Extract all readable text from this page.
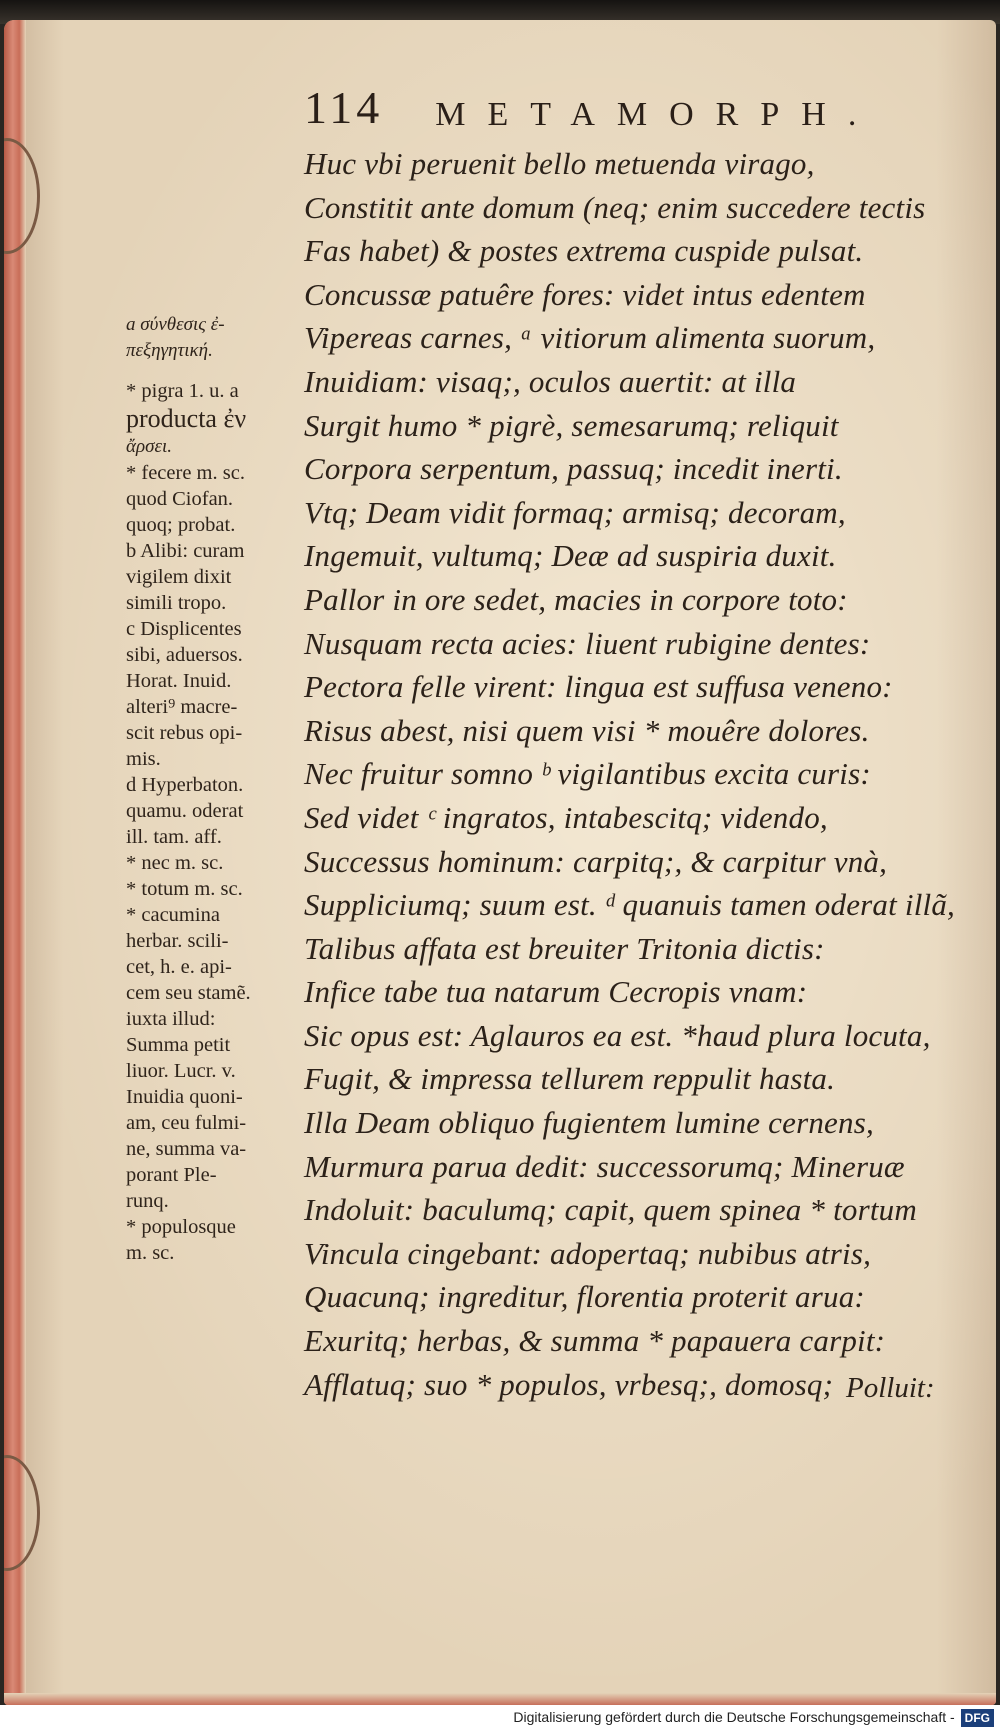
114 METAMORPH.
a σύνθεσις ἐ-
πεξηγητική.
* pigra 1. u. a
producta ἐν
ἄρσει.
* fecere m. sc.
quod Ciofan.
quoq; probat.
b Alibi: curam
vigilem dixit
simili tropo.
c Displicentes
sibi, aduersos.
Horat. Inuid.
alteri⁹ macre-
scit rebus opi-
mis.
d Hyperbaton.
quamu. oderat
ill. tam. aff.
* nec m. sc.
* totum m. sc.
* cacumina
herbar. scili-
cet, h. e. api-
cem seu stamẽ.
iuxta illud:
Summa petit
liuor. Lucr. v.
Inuidia quoni-
am, ceu fulmi-
ne, summa va-
porant Ple-
runq.
* populosque
m. sc.
Huc vbi peruenit bello metuenda virago,
Constitit ante domum (neq; enim succedere tectis
Fas habet) & postes extrema cuspide pulsat.
Concussæ patuêre fores: videt intus edentem
Vipereas carnes, ᵃ vitiorum alimenta suorum,
Inuidiam: visaq;, oculos auertit: at illa
Surgit humo * pigrè, semesarumq; reliquit
Corpora serpentum, passuq; incedit inerti.
Vtq; Deam vidit formaq; armisq; decoram,
Ingemuit, vultumq; Deæ ad suspiria duxit.
Pallor in ore sedet, macies in corpore toto:
Nusquam recta acies: liuent rubigine dentes:
Pectora felle virent: lingua est suffusa veneno:
Risus abest, nisi quem visi * mouêre dolores.
Nec fruitur somno ᵇ vigilantibus excita curis:
Sed videt ᶜ ingratos, intabescitq; videndo,
Successus hominum: carpitq;, & carpitur vnà,
Suppliciumq; suum est. ᵈ quanuis tamen oderat illã,
Talibus affata est breuiter Tritonia dictis:
Infice tabe tua natarum Cecropis vnam:
Sic opus est: Aglauros ea est. *haud plura locuta,
Fugit, & impressa tellurem reppulit hasta.
Illa Deam obliquo fugientem lumine cernens,
Murmura parua dedit: successorumq; Mineruæ
Indoluit: baculumq; capit, quem spinea * tortum
Vincula cingebant: adopertaq; nubibus atris,
Quacunq; ingreditur, florentia proterit arua:
Exuritq; herbas, & summa * papauera carpit:
Afflatuq; suo * populos, vrbesq;, domosq; Polluit:
Digitalisierung gefördert durch die Deutsche Forschungsgemeinschaft - DFG
